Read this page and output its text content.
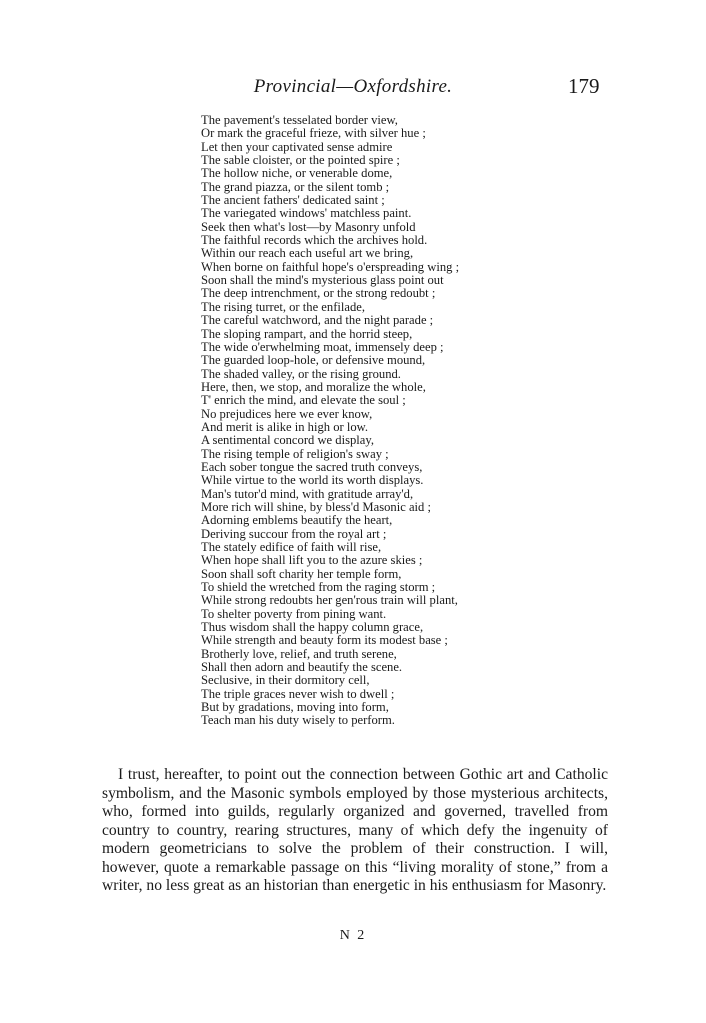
Provincial—Oxfordshire.	179
The pavement's tesselated border view,
Or mark the graceful frieze, with silver hue ;
Let then your captivated sense admire
The sable cloister, or the pointed spire ;
The hollow niche, or venerable dome,
The grand piazza, or the silent tomb ;
The ancient fathers' dedicated saint ;
The variegated windows' matchless paint.
Seek then what's lost—by Masonry unfold
The faithful records which the archives hold.
Within our reach each useful art we bring,
When borne on faithful hope's o'erspreading wing ;
Soon shall the mind's mysterious glass point out
The deep intrenchment, or the strong redoubt ;
The rising turret, or the enfilade,
The careful watchword, and the night parade ;
The sloping rampart, and the horrid steep,
The wide o'erwhelming moat, immensely deep ;
The guarded loop-hole, or defensive mound,
The shaded valley, or the rising ground.
Here, then, we stop, and moralize the whole,
T' enrich the mind, and elevate the soul ;
No prejudices here we ever know,
And merit is alike in high or low.
A sentimental concord we display,
The rising temple of religion's sway ;
Each sober tongue the sacred truth conveys,
While virtue to the world its worth displays.
Man's tutor'd mind, with gratitude array'd,
More rich will shine, by bless'd Masonic aid ;
Adorning emblems beautify the heart,
Deriving succour from the royal art ;
The stately edifice of faith will rise,
When hope shall lift you to the azure skies ;
Soon shall soft charity her temple form,
To shield the wretched from the raging storm ;
While strong redoubts her gen'rous train will plant,
To shelter poverty from pining want.
Thus wisdom shall the happy column grace,
While strength and beauty form its modest base ;
Brotherly love, relief, and truth serene,
Shall then adorn and beautify the scene.
Seclusive, in their dormitory cell,
The triple graces never wish to dwell ;
But by gradations, moving into form,
Teach man his duty wisely to perform.

I trust, hereafter, to point out the connection between Gothic art and Catholic symbolism, and the Masonic symbols employed by those mysterious architects, who, formed into guilds, regularly organized and governed, travelled from country to country, rearing structures, many of which defy the ingenuity of modern geometricians to solve the problem of their construction. I will, however, quote a remarkable passage on this “living morality of stone,” from a writer, no less great as an historian than energetic in his enthusiasm for Masonry.

N 2
